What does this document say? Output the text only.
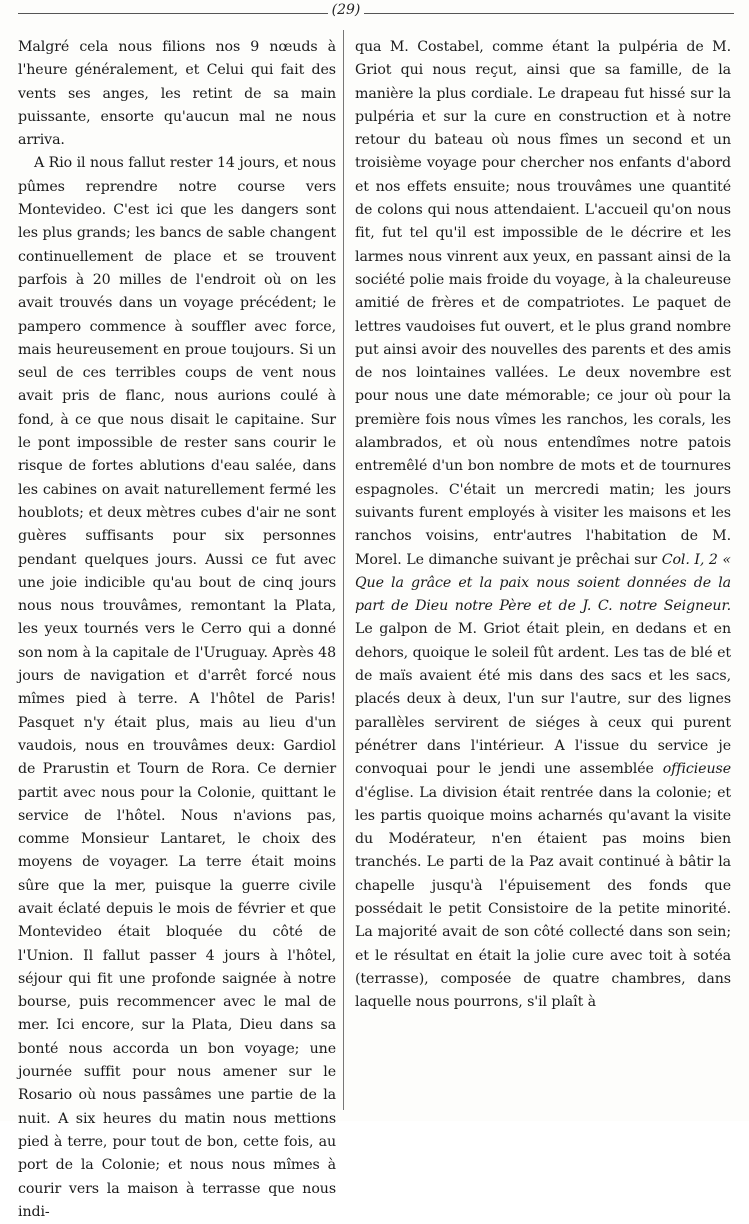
(29)

Malgré cela nous filions nos 9 nœuds à l'heure généralement, et Celui qui fait des vents ses anges, les retint de sa main puissante, ensorte qu'aucun mal ne nous arriva.

A Rio il nous fallut rester 14 jours, et nous pûmes reprendre notre course vers Montevideo. C'est ici que les dangers sont les plus grands; les bancs de sable changent continuellement de place et se trouvent parfois à 20 milles de l'endroit où on les avait trouvés dans un voyage précédent; le pampero commence à souffler avec force, mais heureusement en proue toujours. Si un seul de ces terribles coups de vent nous avait pris de flanc, nous aurions coulé à fond, à ce que nous disait le capitaine. Sur le pont impossible de rester sans courir le risque de fortes ablutions d'eau salée, dans les cabines on avait naturellement fermé les houblots; et deux mètres cubes d'air ne sont guères suffisants pour six personnes pendant quelques jours. Aussi ce fut avec une joie indicible qu'au bout de cinq jours nous nous trouvâmes, remontant la Plata, les yeux tournés vers le Cerro qui a donné son nom à la capitale de l'Uruguay. Après 48 jours de navigation et d'arrêt forcé nous mîmes pied à terre. A l'hôtel de Paris! Pasquet n'y était plus, mais au lieu d'un vaudois, nous en trouvâmes deux: Gardiol de Prarustin et Tourn de Rora. Ce dernier partit avec nous pour la Colonie, quittant le service de l'hôtel. Nous n'avions pas, comme Monsieur Lantaret, le choix des moyens de voyager. La terre était moins sûre que la mer, puisque la guerre civile avait éclaté depuis le mois de février et que Montevideo était bloquée du côté de l'Union. Il fallut passer 4 jours à l'hôtel, séjour qui fit une profonde saignée à notre bourse, puis recommencer avec le mal de mer. Ici encore, sur la Plata, Dieu dans sa bonté nous accorda un bon voyage; une journée suffit pour nous amener sur le Rosario où nous passâmes une partie de la nuit. A six heures du matin nous mettions pied à terre, pour tout de bon, cette fois, au port de la Colonie; et nous nous mîmes à courir vers la maison à terrasse que nous indi-

qua M. Costabel, comme étant la pulpéria de M. Griot qui nous reçut, ainsi que sa famille, de la manière la plus cordiale. Le drapeau fut hissé sur la pulpéria et sur la cure en construction et à notre retour du bateau où nous fîmes un second et un troisième voyage pour chercher nos enfants d'abord et nos effets ensuite; nous trouvâmes une quantité de colons qui nous attendaient. L'accueil qu'on nous fit, fut tel qu'il est impossible de le décrire et les larmes nous vinrent aux yeux, en passant ainsi de la société polie mais froide du voyage, à la chaleureuse amitié de frères et de compatriotes. Le paquet de lettres vaudoises fut ouvert, et le plus grand nombre put ainsi avoir des nouvelles des parents et des amis de nos lointaines vallées. Le deux novembre est pour nous une date mémorable; ce jour où pour la première fois nous vîmes les ranchos, les corals, les alambrados, et où nous entendîmes notre patois entremêlé d'un bon nombre de mots et de tournures espagnoles. C'était un mercredi matin; les jours suivants furent employés à visiter les maisons et les ranchos voisins, entr'autres l'habitation de M. Morel. Le dimanche suivant je prêchai sur Col. I, 2 « Que la grâce et la paix nous soient données de la part de Dieu notre Père et de J. C. notre Seigneur. Le galpon de M. Griot était plein, en dedans et en dehors, quoique le soleil fût ardent. Les tas de blé et de maïs avaient été mis dans des sacs et les sacs, placés deux à deux, l'un sur l'autre, sur des lignes parallèles servirent de siéges à ceux qui purent pénétrer dans l'intérieur. A l'issue du service je convoquai pour le jendi une assemblée officieuse d'église. La division était rentrée dans la colonie; et les partis quoique moins acharnés qu'avant la visite du Modérateur, n'en étaient pas moins bien tranchés. Le parti de la Paz avait continué à bâtir la chapelle jusqu'à l'épuisement des fonds que possédait le petit Consistoire de la petite minorité. La majorité avait de son côté collecté dans son sein; et le résultat en était la jolie cure avec toit à sotéa (terrasse), composée de quatre chambres, dans laquelle nous pourrons, s'il plaît à
